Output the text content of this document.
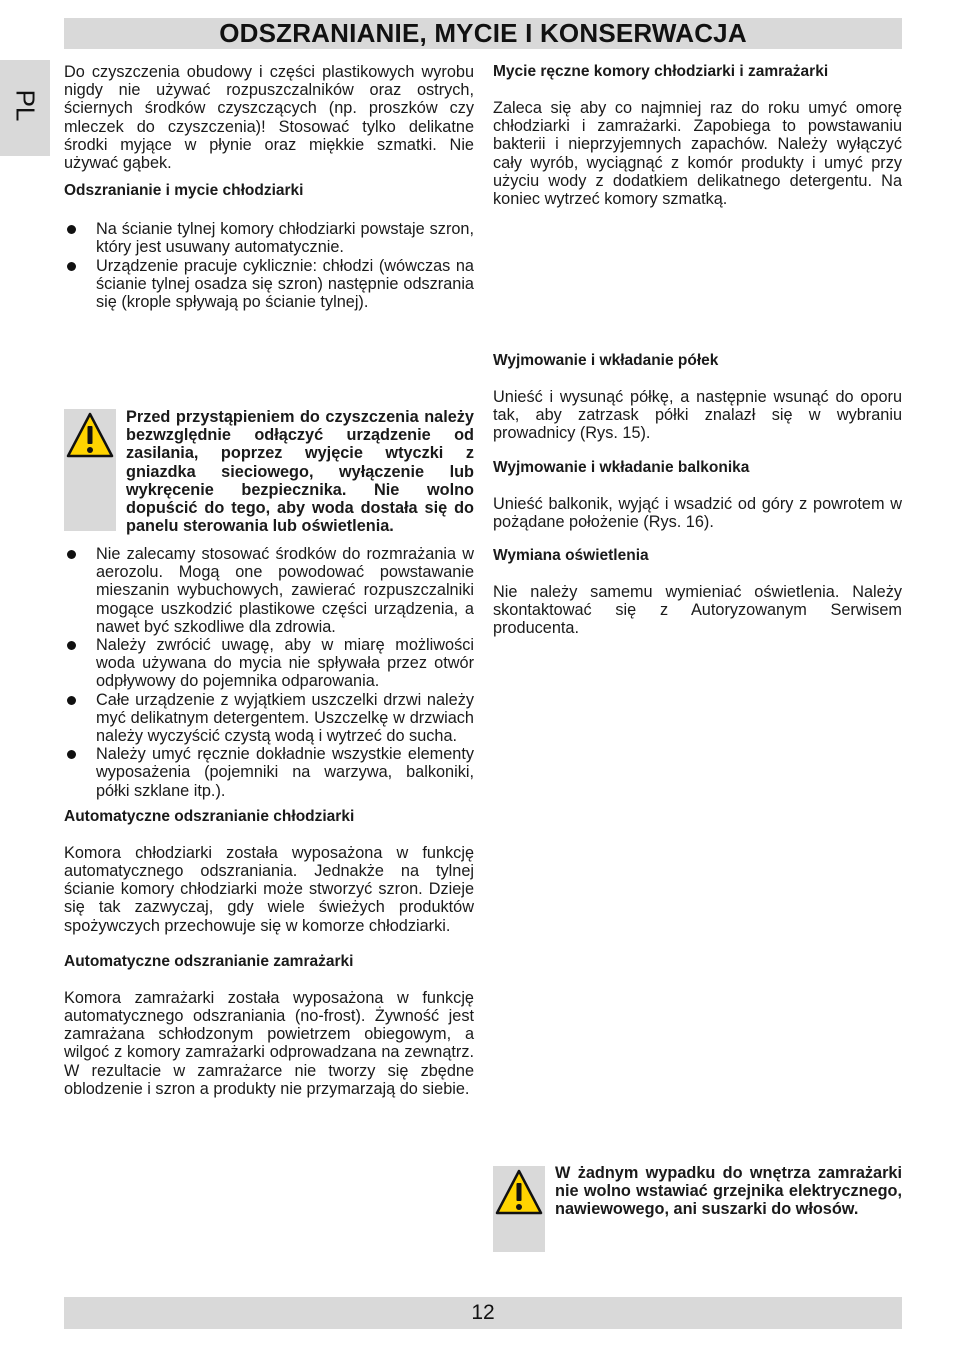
ODSZRANIANIE, MYCIE I KONSERWACJA
PL

Do czyszczenia obudowy i części plastikowych wyrobu nigdy nie używać rozpuszczalników oraz ostrych, ściernych środków czyszczących (np. proszków czy mleczek do czyszczenia)! Stosować tylko delikatne środki myjące w płynie oraz miękkie szmatki. Nie używać gąbek.

Odszranianie i mycie chłodziarki

Na ścianie tylnej komory chłodziarki powstaje szron, który jest usuwany automatycznie.
Urządzenie pracuje cyklicznie: chłodzi (wówczas na ścianie tylnej osadza się szron) następnie odszrania się (krople spływają po ścianie tylnej).

Przed przystąpieniem do czyszczenia należy bezwzględnie odłączyć urządzenie od zasilania, poprzez wyjęcie wtyczki z gniazdka sieciowego, wyłączenie lub wykręcenie bezpiecznika. Nie wolno dopuścić do tego, aby woda dostała się do panelu sterowania lub oświetlenia.

Nie zalecamy stosować środków do rozmrażania w aerozolu. Mogą one powodować powstawanie mieszanin wybuchowych, zawierać rozpuszczalniki mogące uszkodzić plastikowe części urządzenia, a nawet być szkodliwe dla zdrowia.
Należy zwrócić uwagę, aby w miarę możliwości woda używana do mycia nie spływała przez otwór odpływowy do pojemnika odparowania.
Całe urządzenie z wyjątkiem uszczelki drzwi należy myć delikatnym detergentem. Uszczelkę w drzwiach należy wyczyścić czystą wodą i wytrzeć do sucha.
Należy umyć ręcznie dokładnie wszystkie elementy wyposażenia (pojemniki na warzywa, balkoniki, półki szklane itp.).

Automatyczne odszranianie chłodziarki

Komora chłodziarki została wyposażona w funkcję automatycznego odszraniania. Jednakże na tylnej ścianie komory chłodziarki może stworzyć szron. Dzieje się tak zazwyczaj, gdy wiele świeżych produktów spożywczych przechowuje się w komorze chłodziarki.

Automatyczne odszranianie zamrażarki

Komora zamrażarki została wyposażona w funkcję automatycznego odszraniania (no-frost). Żywność jest zamrażana schłodzonym powietrzem obiegowym, a wilgoć z komory zamrażarki odprowadzana na zewnątrz. W rezultacie w zamrażarce nie tworzy się zbędne oblodzenie i szron a produkty nie przymarzają do siebie.

Mycie ręczne komory chłodziarki i zamrażarki

Zaleca się aby co najmniej raz do roku umyć omorę chłodziarki i zamrażarki. Zapobiega to powstawaniu bakterii i nieprzyjemnych zapachów. Należy wyłączyć cały wyrób, wyciągnąć z komór produkty i umyć przy użyciu wody z dodatkiem delikatnego detergentu. Na koniec wytrzeć komory szmatką.

Wyjmowanie i wkładanie półek

Unieść i wysunąć półkę, a następnie wsunąć do oporu tak, aby zatrzask półki znalazł się w wybraniu prowadnicy (Rys. 15).

Wyjmowanie i wkładanie balkonika

Unieść balkonik, wyjąć i wsadzić od góry z powrotem w pożądane położenie (Rys. 16).

Wymiana oświetlenia

Nie należy samemu wymieniać oświetlenia. Należy skontaktować się z Autoryzowanym Serwisem producenta.

W żadnym wypadku do wnętrza zamrażarki nie wolno wstawiać grzejnika elektrycznego, nawiewowego, ani suszarki do włosów.

12
